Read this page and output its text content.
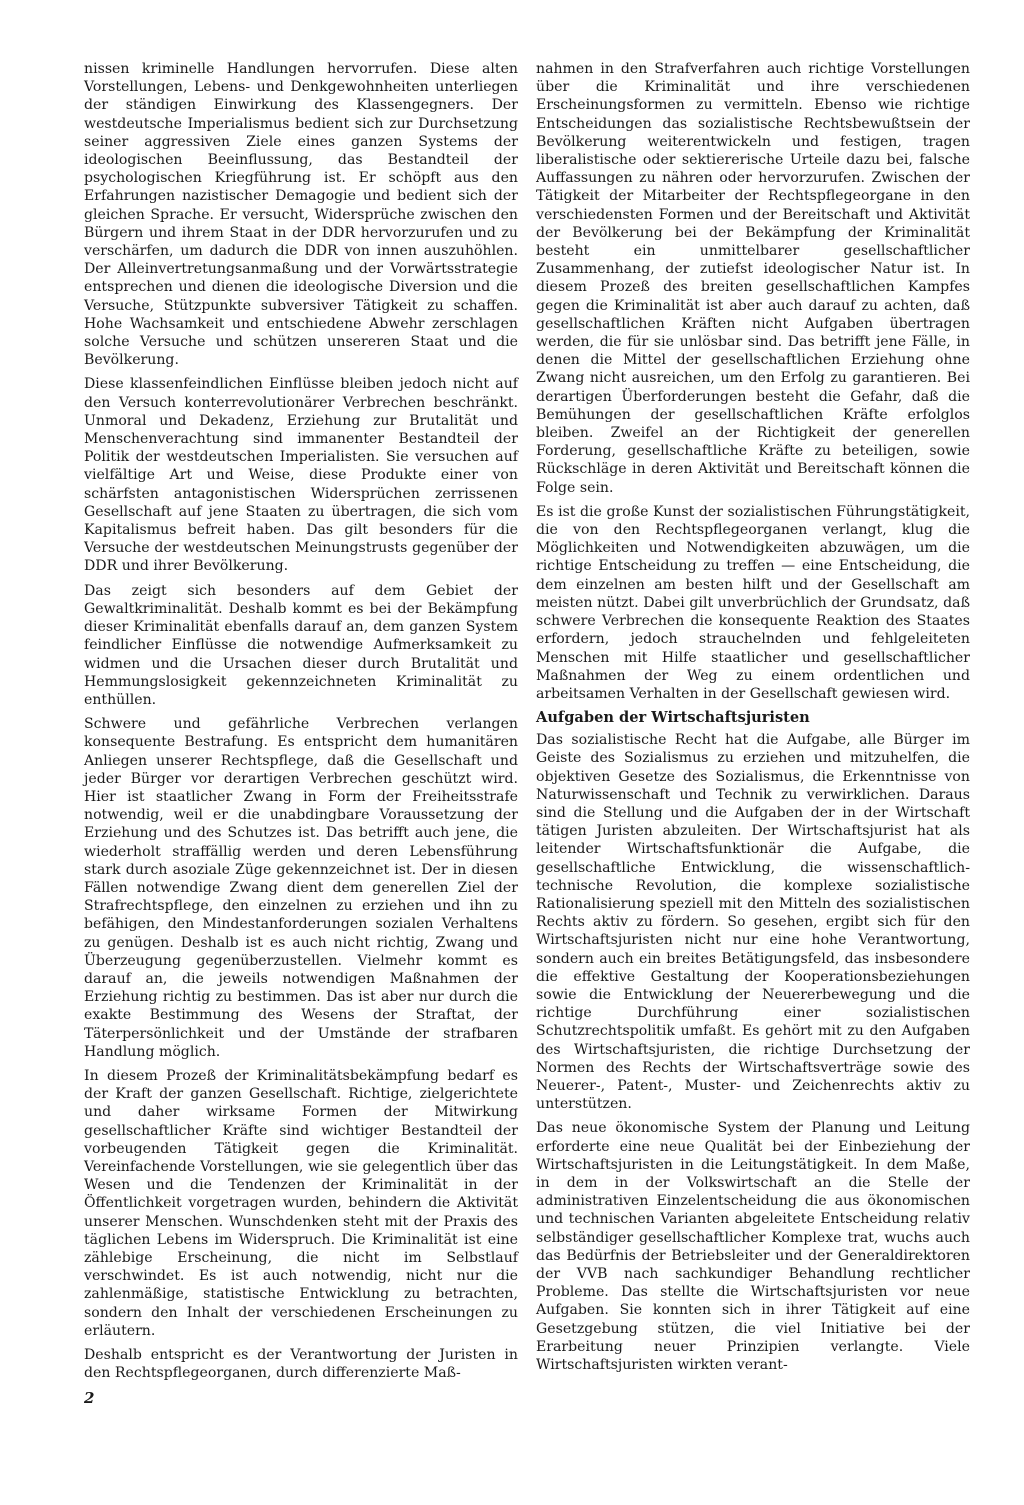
nissen kriminelle Handlungen hervorrufen. Diese alten Vorstellungen, Lebens- und Denkgewohnheiten unterliegen der ständigen Einwirkung des Klassengegners. Der westdeutsche Imperialismus bedient sich zur Durchsetzung seiner aggressiven Ziele eines ganzen Systems der ideologischen Beeinflussung, das Bestandteil der psychologischen Kriegführung ist. Er schöpft aus den Erfahrungen nazistischer Demagogie und bedient sich der gleichen Sprache. Er versucht, Widersprüche zwischen den Bürgern und ihrem Staat in der DDR hervorzurufen und zu verschärfen, um dadurch die DDR von innen auszuhöhlen. Der Alleinvertretungsanmaßung und der Vorwärtsstrategie entsprechen und dienen die ideologische Diversion und die Versuche, Stützpunkte subversiver Tätigkeit zu schaffen. Hohe Wachsamkeit und entschiedene Abwehr zerschlagen solche Versuche und schützen unsereren Staat und die Bevölkerung.

Diese klassenfeindlichen Einflüsse bleiben jedoch nicht auf den Versuch konterrevolutionärer Verbrechen beschränkt. Unmoral und Dekadenz, Erziehung zur Brutalität und Menschenverachtung sind immanenter Bestandteil der Politik der westdeutschen Imperialisten. Sie versuchen auf vielfältige Art und Weise, diese Produkte einer von schärfsten antagonistischen Widersprüchen zerrissenen Gesellschaft auf jene Staaten zu übertragen, die sich vom Kapitalismus befreit haben. Das gilt besonders für die Versuche der westdeutschen Meinungstrusts gegenüber der DDR und ihrer Bevölkerung.

Das zeigt sich besonders auf dem Gebiet der Gewaltkriminalität. Deshalb kommt es bei der Bekämpfung dieser Kriminalität ebenfalls darauf an, dem ganzen System feindlicher Einflüsse die notwendige Aufmerksamkeit zu widmen und die Ursachen dieser durch Brutalität und Hemmungslosigkeit gekennzeichneten Kriminalität zu enthüllen.

Schwere und gefährliche Verbrechen verlangen konsequente Bestrafung. Es entspricht dem humanitären Anliegen unserer Rechtspflege, daß die Gesellschaft und jeder Bürger vor derartigen Verbrechen geschützt wird. Hier ist staatlicher Zwang in Form der Freiheitsstrafe notwendig, weil er die unabdingbare Voraussetzung der Erziehung und des Schutzes ist. Das betrifft auch jene, die wiederholt straffällig werden und deren Lebensführung stark durch asoziale Züge gekennzeichnet ist. Der in diesen Fällen notwendige Zwang dient dem generellen Ziel der Strafrechtspflege, den einzelnen zu erziehen und ihn zu befähigen, den Mindestanforderungen sozialen Verhaltens zu genügen. Deshalb ist es auch nicht richtig, Zwang und Überzeugung gegenüberzustellen. Vielmehr kommt es darauf an, die jeweils notwendigen Maßnahmen der Erziehung richtig zu bestimmen. Das ist aber nur durch die exakte Bestimmung des Wesens der Straftat, der Täterpersönlichkeit und der Umstände der strafbaren Handlung möglich.

In diesem Prozeß der Kriminalitätsbekämpfung bedarf es der Kraft der ganzen Gesellschaft. Richtige, zielgerichtete und daher wirksame Formen der Mitwirkung gesellschaftlicher Kräfte sind wichtiger Bestandteil der vorbeugenden Tätigkeit gegen die Kriminalität. Vereinfachende Vorstellungen, wie sie gelegentlich über das Wesen und die Tendenzen der Kriminalität in der Öffentlichkeit vorgetragen wurden, behindern die Aktivität unserer Menschen. Wunschdenken steht mit der Praxis des täglichen Lebens im Widerspruch. Die Kriminalität ist eine zählebige Erscheinung, die nicht im Selbstlauf verschwindet. Es ist auch notwendig, nicht nur die zahlenmäßige, statistische Entwicklung zu betrachten, sondern den Inhalt der verschiedenen Erscheinungen zu erläutern.

Deshalb entspricht es der Verantwortung der Juristen in den Rechtspflegeorganen, durch differenzierte Maß-

nahmen in den Strafverfahren auch richtige Vorstellungen über die Kriminalität und ihre verschiedenen Erscheinungsformen zu vermitteln. Ebenso wie richtige Entscheidungen das sozialistische Rechtsbewußtsein der Bevölkerung weiterentwickeln und festigen, tragen liberalistische oder sektiererische Urteile dazu bei, falsche Auffassungen zu nähren oder hervorzurufen. Zwischen der Tätigkeit der Mitarbeiter der Rechtspflegeorgane in den verschiedensten Formen und der Bereitschaft und Aktivität der Bevölkerung bei der Bekämpfung der Kriminalität besteht ein unmittelbarer gesellschaftlicher Zusammenhang, der zutiefst ideologischer Natur ist. In diesem Prozeß des breiten gesellschaftlichen Kampfes gegen die Kriminalität ist aber auch darauf zu achten, daß gesellschaftlichen Kräften nicht Aufgaben übertragen werden, die für sie unlösbar sind. Das betrifft jene Fälle, in denen die Mittel der gesellschaftlichen Erziehung ohne Zwang nicht ausreichen, um den Erfolg zu garantieren. Bei derartigen Überforderungen besteht die Gefahr, daß die Bemühungen der gesellschaftlichen Kräfte erfolglos bleiben. Zweifel an der Richtigkeit der generellen Forderung, gesellschaftliche Kräfte zu beteiligen, sowie Rückschläge in deren Aktivität und Bereitschaft können die Folge sein.

Es ist die große Kunst der sozialistischen Führungstätigkeit, die von den Rechtspflegeorganen verlangt, klug die Möglichkeiten und Notwendigkeiten abzuwägen, um die richtige Entscheidung zu treffen — eine Entscheidung, die dem einzelnen am besten hilft und der Gesellschaft am meisten nützt. Dabei gilt unverbrüchlich der Grundsatz, daß schwere Verbrechen die konsequente Reaktion des Staates erfordern, jedoch strauchelnden und fehlgeleiteten Menschen mit Hilfe staatlicher und gesellschaftlicher Maßnahmen der Weg zu einem ordentlichen und arbeitsamen Verhalten in der Gesellschaft gewiesen wird.

Aufgaben der Wirtschaftsjuristen

Das sozialistische Recht hat die Aufgabe, alle Bürger im Geiste des Sozialismus zu erziehen und mitzuhelfen, die objektiven Gesetze des Sozialismus, die Erkenntnisse von Naturwissenschaft und Technik zu verwirklichen. Daraus sind die Stellung und die Aufgaben der in der Wirtschaft tätigen Juristen abzuleiten. Der Wirtschaftsjurist hat als leitender Wirtschaftsfunktionär die Aufgabe, die gesellschaftliche Entwicklung, die wissenschaftlich-technische Revolution, die komplexe sozialistische Rationalisierung speziell mit den Mitteln des sozialistischen Rechts aktiv zu fördern. So gesehen, ergibt sich für den Wirtschaftsjuristen nicht nur eine hohe Verantwortung, sondern auch ein breites Betätigungsfeld, das insbesondere die effektive Gestaltung der Kooperationsbeziehungen sowie die Entwicklung der Neuererbewegung und die richtige Durchführung einer sozialistischen Schutzrechtspolitik umfaßt. Es gehört mit zu den Aufgaben des Wirtschaftsjuristen, die richtige Durchsetzung der Normen des Rechts der Wirtschaftsverträge sowie des Neuerer-, Patent-, Muster- und Zeichenrechts aktiv zu unterstützen.

Das neue ökonomische System der Planung und Leitung erforderte eine neue Qualität bei der Einbeziehung der Wirtschaftsjuristen in die Leitungstätigkeit. In dem Maße, in dem in der Volkswirtschaft an die Stelle der administrativen Einzelentscheidung die aus ökonomischen und technischen Varianten abgeleitete Entscheidung relativ selbständiger gesellschaftlicher Komplexe trat, wuchs auch das Bedürfnis der Betriebsleiter und der Generaldirektoren der VVB nach sachkundiger Behandlung rechtlicher Probleme. Das stellte die Wirtschaftsjuristen vor neue Aufgaben. Sie konnten sich in ihrer Tätigkeit auf eine Gesetzgebung stützen, die viel Initiative bei der Erarbeitung neuer Prinzipien verlangte. Viele Wirtschaftsjuristen wirkten verant-

2
